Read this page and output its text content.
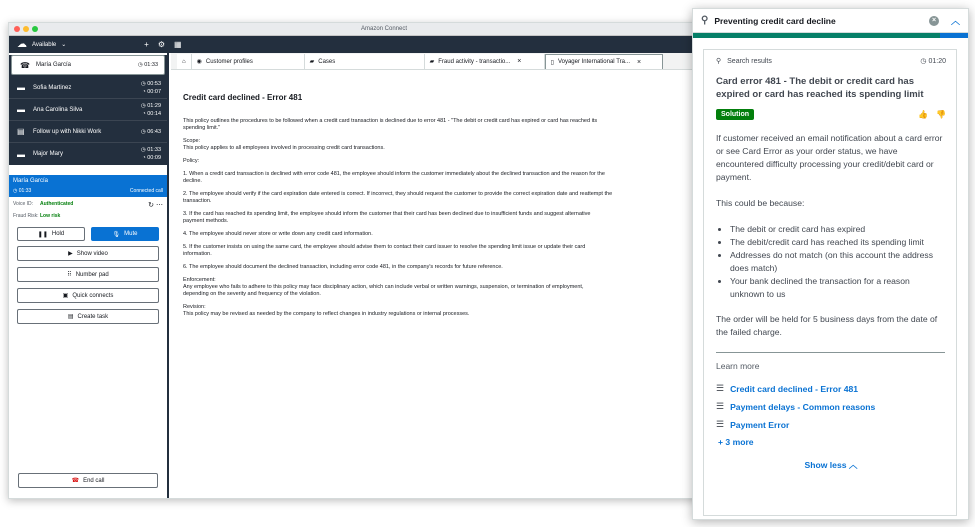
Amazon Connect
☁ Available ⌄	+ ⚙	▦
☎	María García	◷ 01:33
▬	Sofia Martinez
◷ 00:53
◔ 00:07
▬	Ana Carolina Silva
◷ 01:29
◔ 00:14
▤	Follow up with Nikki Work	◷ 06:43
▬	Major Mary
◷ 01:33
◔ 00:09
María García
◷ 01:33	Connected call
Voice ID:	Authenticated	↻ ⋯
Fraud Risk: Low risk
❚❚ Hold	🎙 Mute
▶ Show video
⠿ Number pad
▣ Quick connects
▤ Create task
☎ End call
⌂ ◉ Customer profiles	▰ Cases	▰ Fraud activity - transactio... ×	▯ Voyager International Tra... ×
Credit card declined - Error 481

This policy outlines the procedures to be followed when a credit card transaction is declined due to error 481 - "The debit or credit card has expired or card has reached its

spending limit."

Scope:

This policy applies to all employees involved in processing credit card transactions.

Policy:

1. When a credit card transaction is declined with error code 481, the employee should inform the customer immediately about the declined transaction and the reason for the

decline.

2. The employee should verify if the card expiration date entered is correct. If incorrect, they should request the customer to provide the correct expiration date and reattempt the

transaction.

3. If the card has reached its spending limit, the employee should inform the customer that their card has been declined due to insufficient funds and suggest alternative

payment methods.

4. The employee should never store or write down any credit card information.

5. If the customer insists on using the same card, the employee should advise them to contact their card issuer to resolve the spending limit issue or update their card

information.

6. The employee should document the declined transaction, including error code 481, in the company's records for future reference.

Enforcement:

Any employee who fails to adhere to this policy may face disciplinary action, which can include verbal or written warnings, suspension, or termination of employment,

depending on the severity and frequency of the violation.

Revision:

This policy may be revised as needed by the company to reflect changes in industry regulations or internal processes.

⚲ Preventing credit card decline	×	︿
⚲ Search results	◷ 01:20
Card error 481 - The debit or credit card has expired or card has reached its spending limit
Solution	👍 👎

If customer received an email notification about a card error or see Card Error as your order status, we have encountered difficulty processing your credit/debit card or payment.

This could be because:

• The debit or credit card has expired
• The debit/credit card has reached its spending limit
• Addresses do not match (on this account the address does match)
• Your bank declined the transaction for a reason unknown to us

The order will be held for 5 business days from the date of the failed charge.

Learn more
☰ Credit card declined - Error 481
☰ Payment delays - Common reasons
☰ Payment Error
+ 3 more
Show less ︿
